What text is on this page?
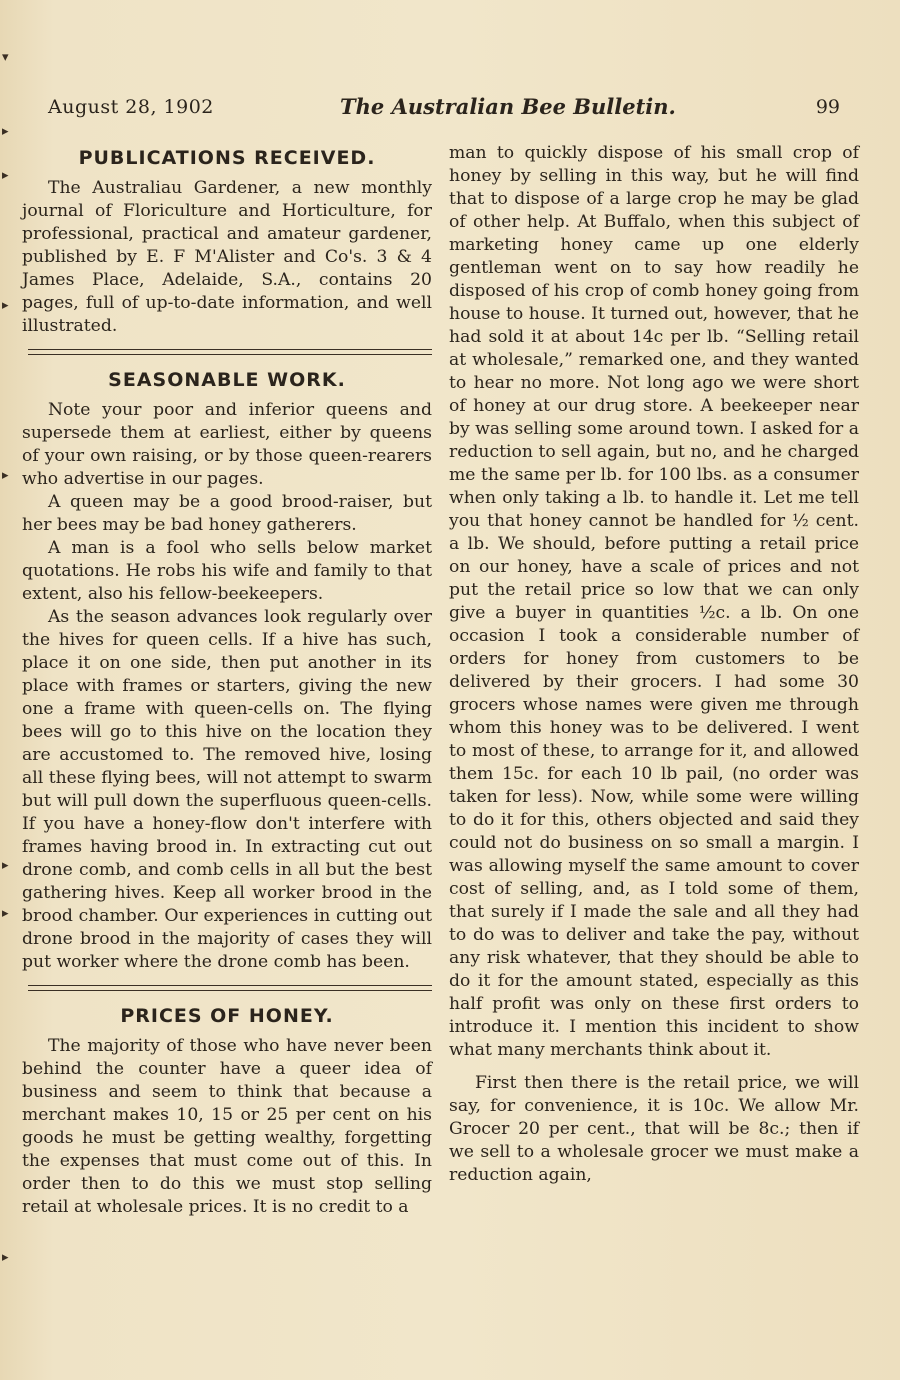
▾
▸
▸
▸
▸
▸
▸
▸
August 28, 1902	The Australian Bee Bulletin.	99
PUBLICATIONS RECEIVED.

The Australiau Gardener, a new monthly journal of Floriculture and Horticulture, for professional, practical and amateur gardener, published by E. F M'Alister and Co's. 3 & 4 James Place, Adelaide, S.A., contains 20 pages, full of up-to-date information, and well illustrated.

SEASONABLE WORK.

Note your poor and inferior queens and supersede them at earliest, either by queens of your own raising, or by those queen-rearers who advertise in our pages.

A queen may be a good brood-raiser, but her bees may be bad honey gatherers.

A man is a fool who sells below market quotations. He robs his wife and family to that extent, also his fellow-beekeepers.

As the season advances look regularly over the hives for queen cells. If a hive has such, place it on one side, then put another in its place with frames or starters, giving the new one a frame with queen-cells on. The flying bees will go to this hive on the location they are accustomed to. The removed hive, losing all these flying bees, will not attempt to swarm but will pull down the superfluous queen-cells. If you have a honey-flow don't interfere with frames having brood in. In extracting cut out drone comb, and comb cells in all but the best gathering hives. Keep all worker brood in the brood chamber. Our experiences in cutting out drone brood in the majority of cases they will put worker where the drone comb has been.

PRICES OF HONEY.

The majority of those who have never been behind the counter have a queer idea of business and seem to think that because a merchant makes 10, 15 or 25 per cent on his goods he must be getting wealthy, forgetting the expenses that must come out of this. In order then to do this we must stop selling retail at wholesale prices. It is no credit to a

man to quickly dispose of his small crop of honey by selling in this way, but he will find that to dispose of a large crop he may be glad of other help. At Buffalo, when this subject of marketing honey came up one elderly gentleman went on to say how readily he disposed of his crop of comb honey going from house to house. It turned out, however, that he had sold it at about 14c per lb. “Selling retail at wholesale,” remarked one, and they wanted to hear no more. Not long ago we were short of honey at our drug store. A beekeeper near by was selling some around town. I asked for a reduction to sell again, but no, and he charged me the same per lb. for 100 lbs. as a consumer when only taking a lb. to handle it. Let me tell you that honey cannot be handled for ½ cent. a lb. We should, before putting a retail price on our honey, have a scale of prices and not put the retail price so low that we can only give a buyer in quantities ½c. a lb. On one occasion I took a considerable number of orders for honey from customers to be delivered by their grocers. I had some 30 grocers whose names were given me through whom this honey was to be delivered. I went to most of these, to arrange for it, and allowed them 15c. for each 10 lb pail, (no order was taken for less). Now, while some were willing to do it for this, others objected and said they could not do business on so small a margin. I was allowing myself the same amount to cover cost of selling, and, as I told some of them, that surely if I made the sale and all they had to do was to deliver and take the pay, without any risk whatever, that they should be able to do it for the amount stated, especially as this half profit was only on these first orders to introduce it. I mention this incident to show what many merchants think about it.

First then there is the retail price, we will say, for convenience, it is 10c. We allow Mr. Grocer 20 per cent., that will be 8c.; then if we sell to a wholesale grocer we must make a reduction again,
